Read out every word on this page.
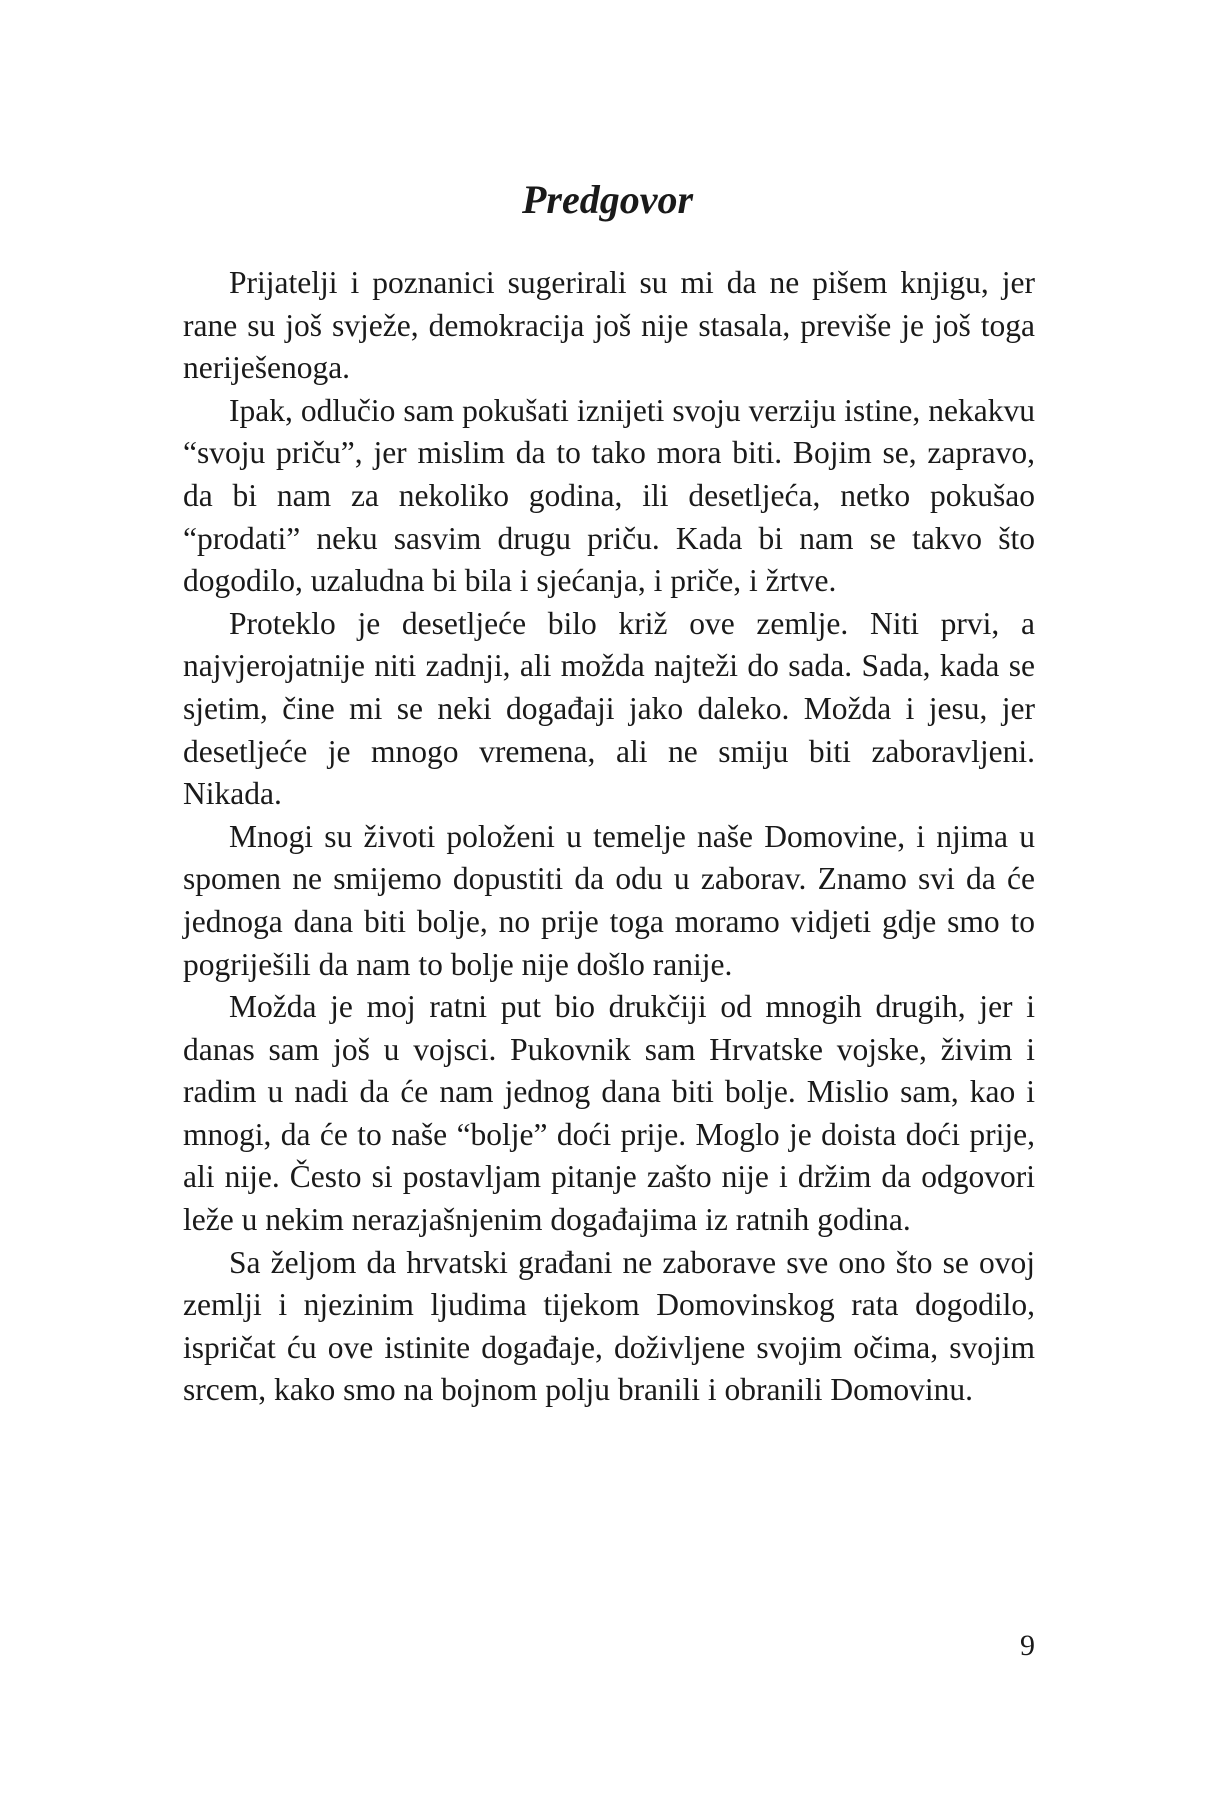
Predgovor

Prijatelji i poznanici sugerirali su mi da ne pišem knjigu, jer rane su još svježe, demokracija još nije stasala, previše je još toga neriješenoga.

Ipak, odlučio sam pokušati iznijeti svoju verziju istine, nekakvu “svoju priču”, jer mislim da to tako mora biti. Bojim se, zapravo, da bi nam za nekoliko godina, ili desetljeća, netko pokušao “prodati” neku sasvim drugu priču. Kada bi nam se takvo što dogodilo, uzaludna bi bila i sjećanja, i priče, i žrtve.

Proteklo je desetljeće bilo križ ove zemlje. Niti prvi, a najvjerojatnije niti zadnji, ali možda najteži do sada. Sada, kada se sjetim, čine mi se neki događaji jako daleko. Možda i jesu, jer desetljeće je mnogo vremena, ali ne smiju biti zaboravljeni. Nikada.

Mnogi su životi položeni u temelje naše Domovine, i njima u spomen ne smijemo dopustiti da odu u zaborav. Znamo svi da će jednoga dana biti bolje, no prije toga moramo vidjeti gdje smo to pogriješili da nam to bolje nije došlo ranije.

Možda je moj ratni put bio drukčiji od mnogih drugih, jer i danas sam još u vojsci. Pukovnik sam Hrvatske vojske, živim i radim u nadi da će nam jednog dana biti bolje. Mislio sam, kao i mnogi, da će to naše “bolje” doći prije. Moglo je doista doći prije, ali nije. Često si postavljam pitanje zašto nije i držim da odgovori leže u nekim nerazjašnjenim događajima iz ratnih godina.

Sa željom da hrvatski građani ne zaborave sve ono što se ovoj zemlji i njezinim ljudima tijekom Domovinskog rata dogodilo, ispričat ću ove istinite događaje, doživljene svojim očima, svojim srcem, kako smo na bojnom polju branili i obranili Domovinu.

9
